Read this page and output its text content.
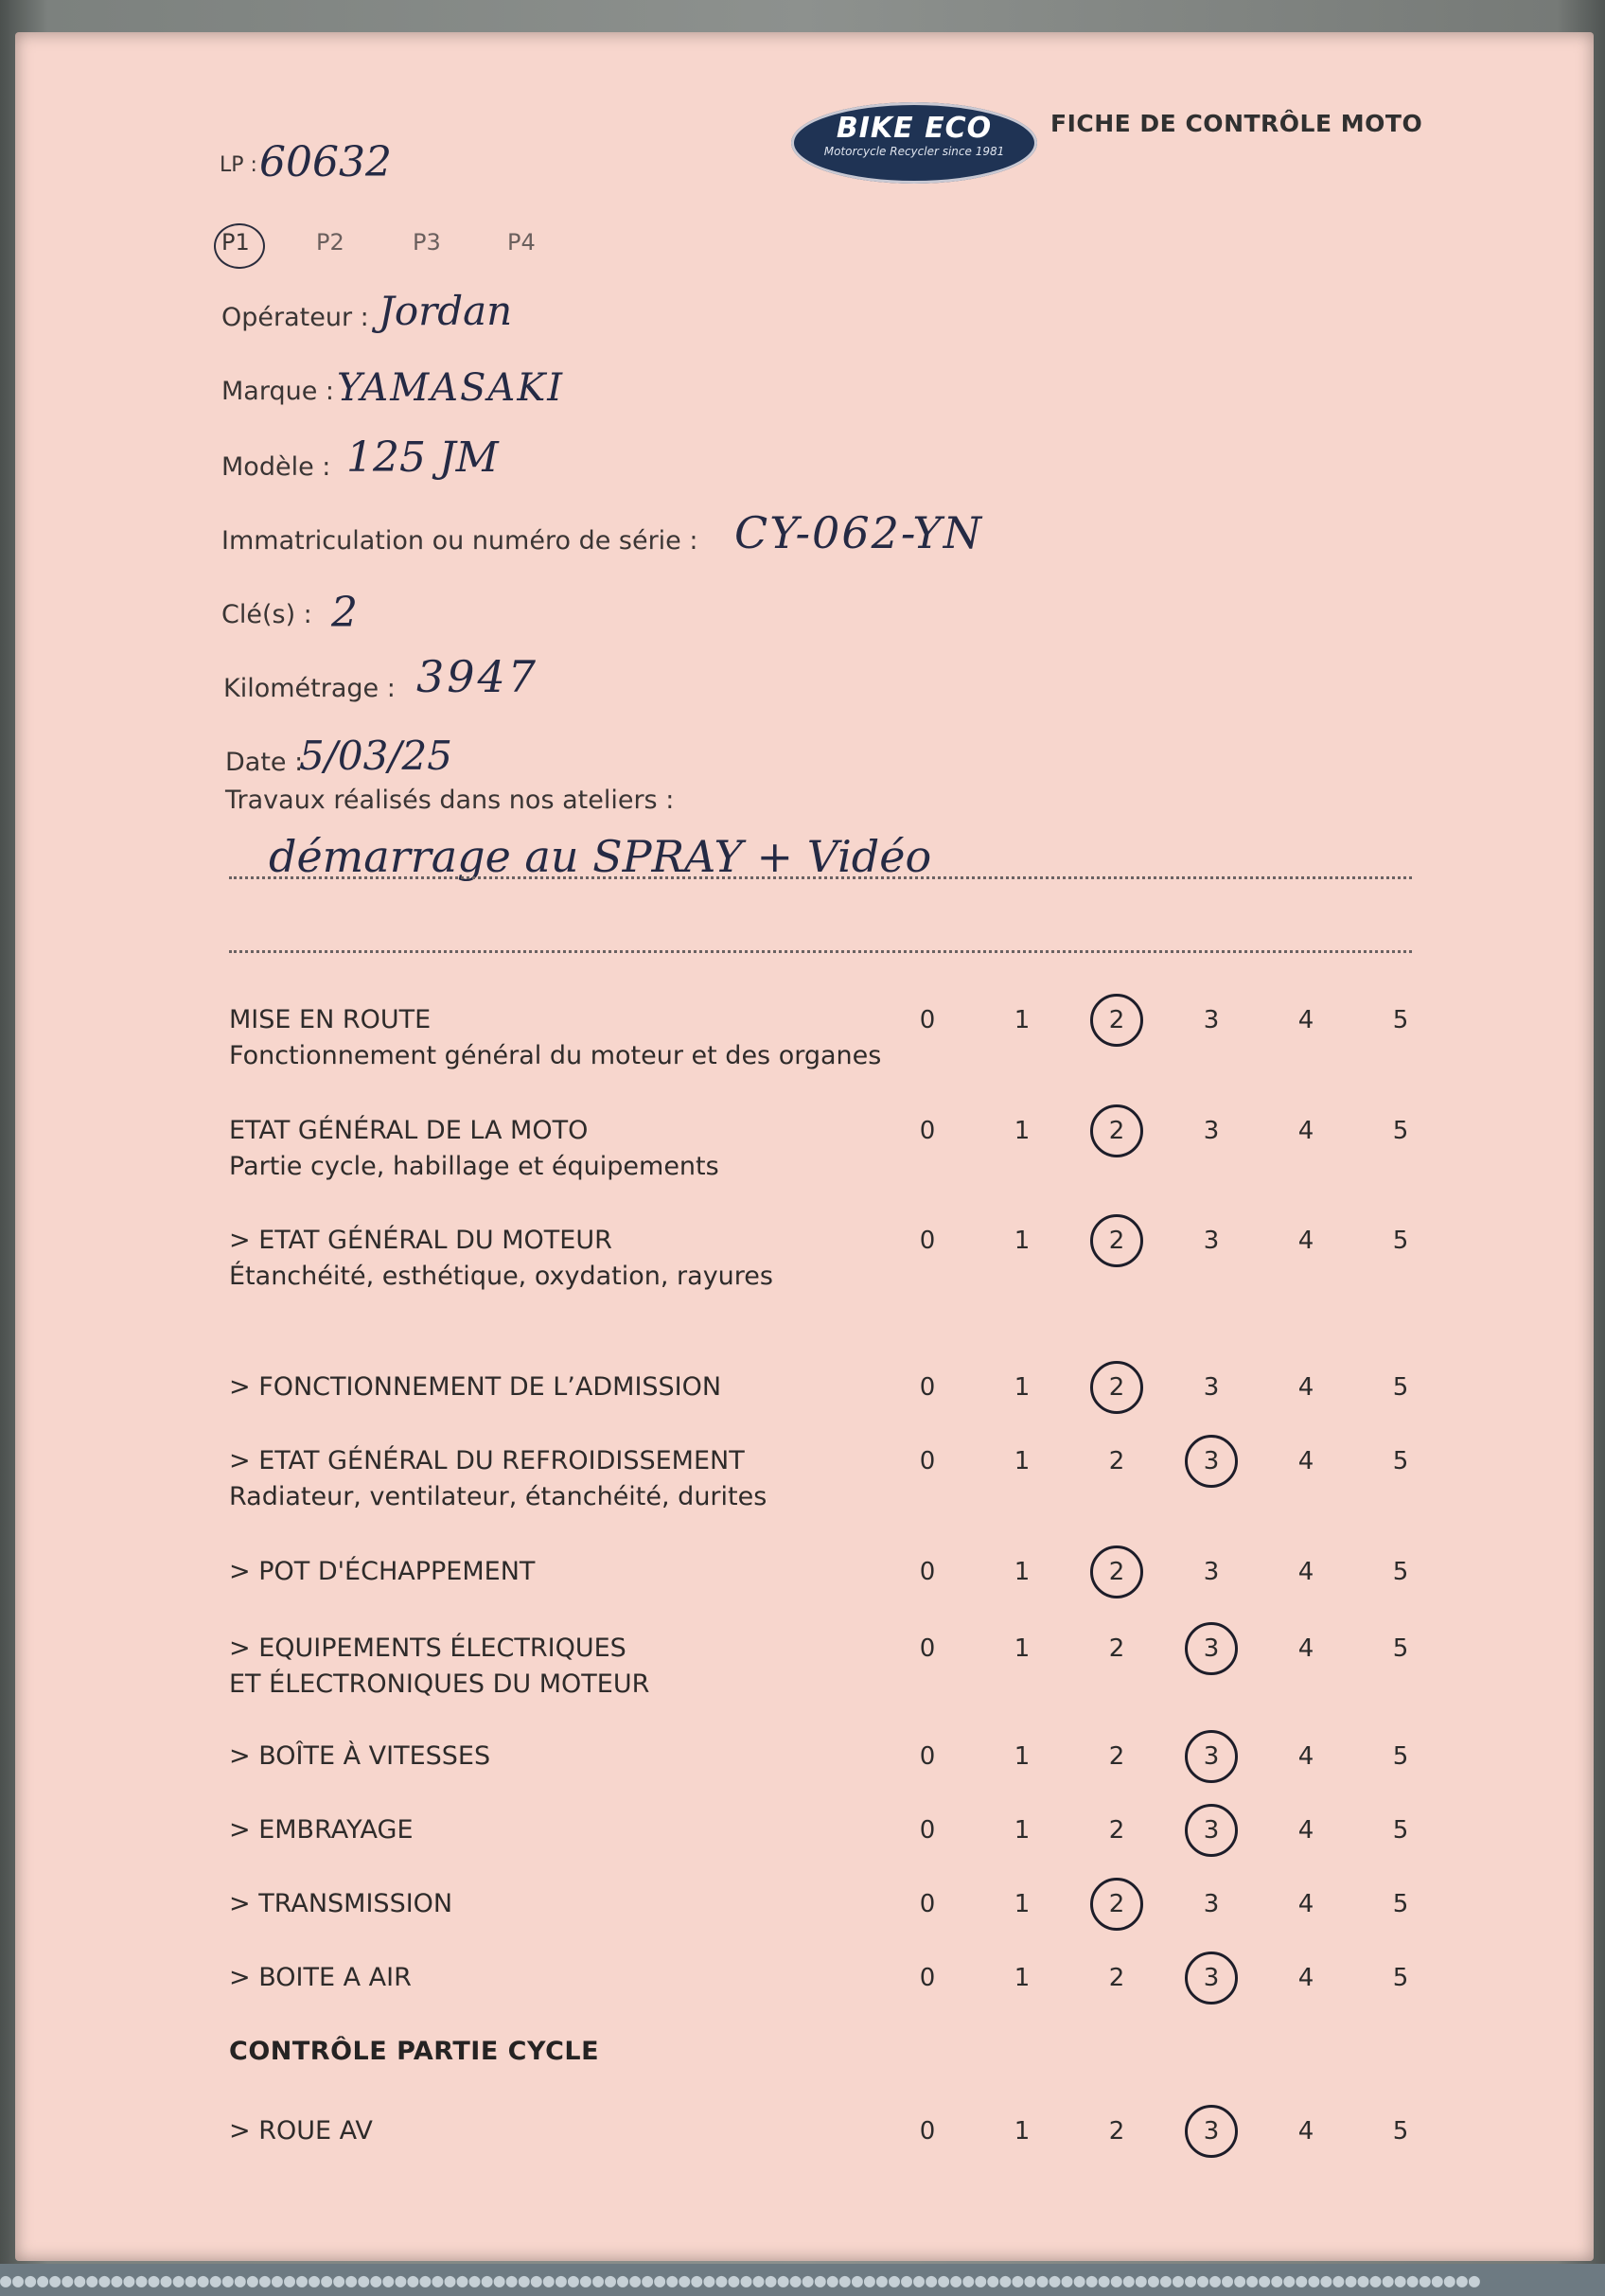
BIKE ECO
Motorcycle Recycler since 1981
FICHE DE CONTRÔLE MOTO
LP : 60632
P1	P2	P3	P4
Opérateur : Jordan
Marque : YAMASAKI
Modèle : 125 JM
Immatriculation ou numéro de série : CY-062-YN
Clé(s) : 2
Kilométrage : 3947
Date :
5/03/25
Travaux réalisés dans nos ateliers :
démarrage au SPRAY + Vidéo
MISE EN ROUTE
Fonctionnement général du moteur et des organes
0	1	2	3	4	5
ETAT GÉNÉRAL DE LA MOTO
Partie cycle, habillage et équipements
0	1	2	3	4	5
> ETAT GÉNÉRAL DU MOTEUR
Étanchéité, esthétique, oxydation, rayures
0	1	2	3	4	5
> FONCTIONNEMENT DE L’ADMISSION	0	1	2	3	4	5
> ETAT GÉNÉRAL DU REFROIDISSEMENT
Radiateur, ventilateur, étanchéité, durites
0	1	2	3	4	5
> POT D'ÉCHAPPEMENT	0	1	2	3	4	5
> EQUIPEMENTS ÉLECTRIQUES
ET ÉLECTRONIQUES DU MOTEUR
0	1	2	3	4	5
> BOÎTE À VITESSES	0	1	2	3	4	5
> EMBRAYAGE	0	1	2	3	4	5
> TRANSMISSION	0	1	2	3	4	5
> BOITE A AIR	0	1	2	3	4	5
CONTRÔLE PARTIE CYCLE
> ROUE AV	0	1	2	3	4	5
●●●●●●●●●●●●●●●●●●●●●●●●●●●●●●●●●●●●●●●●●●●●●●●●●●●●●●●●●●●●●●●●●●●●●●●●●●●●●●●●●●●●●●●●●●●●●●●●●●●●●●●●●●●●●●●●●●●●●●●●
